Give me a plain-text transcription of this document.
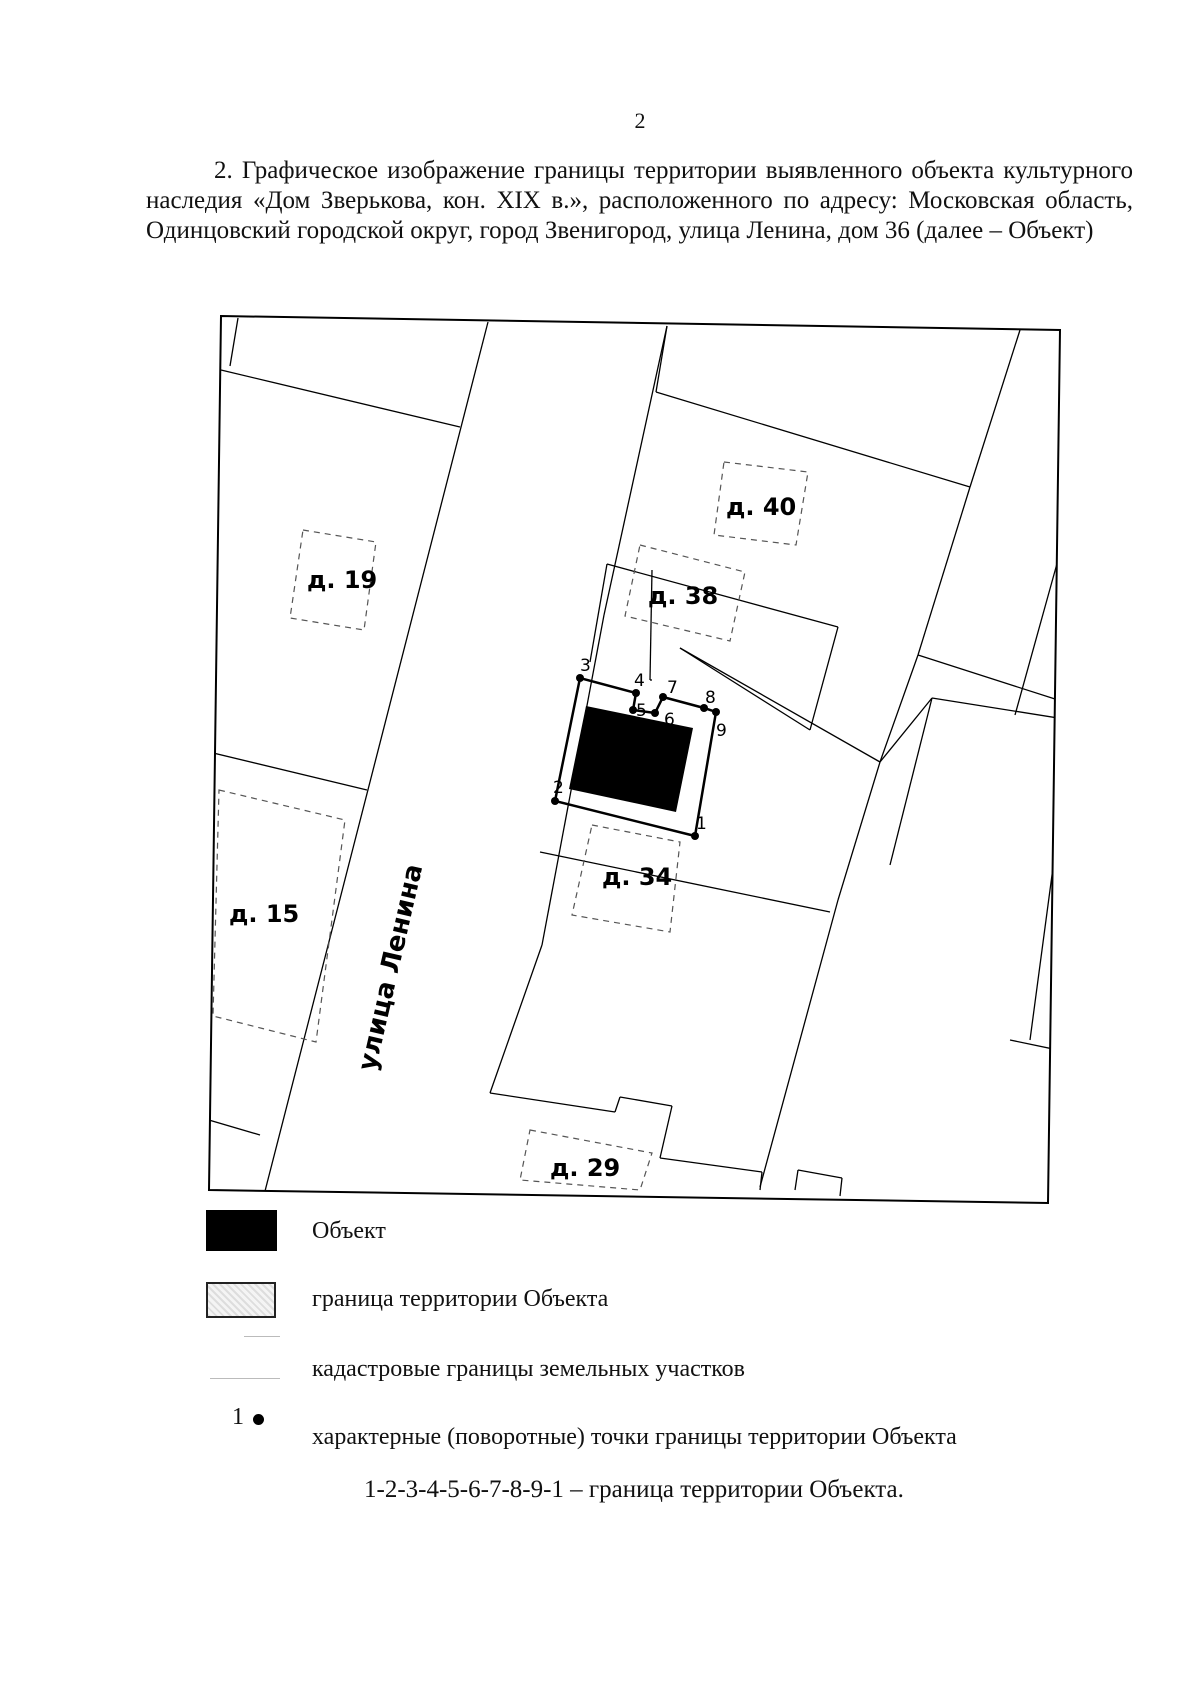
2
2. Графическое изображение границы территории выявленного объекта культурного наследия «Дом Зверькова, кон. XIX в.», расположенного по адресу: Московская область, Одинцовский городской округ, город Звенигород, улица Ленина, дом 36 (далее – Объект)
д. 40
д. 19
д. 38
д. 34
д. 15
д. 29
улица Ленина
1
2
3
4
5 6
7 8
9
Объект
граница территории Объекта
кадастровые границы земельных участков
1
характерные (поворотные) точки границы территории Объекта
1-2-3-4-5-6-7-8-9-1 – граница территории Объекта.
